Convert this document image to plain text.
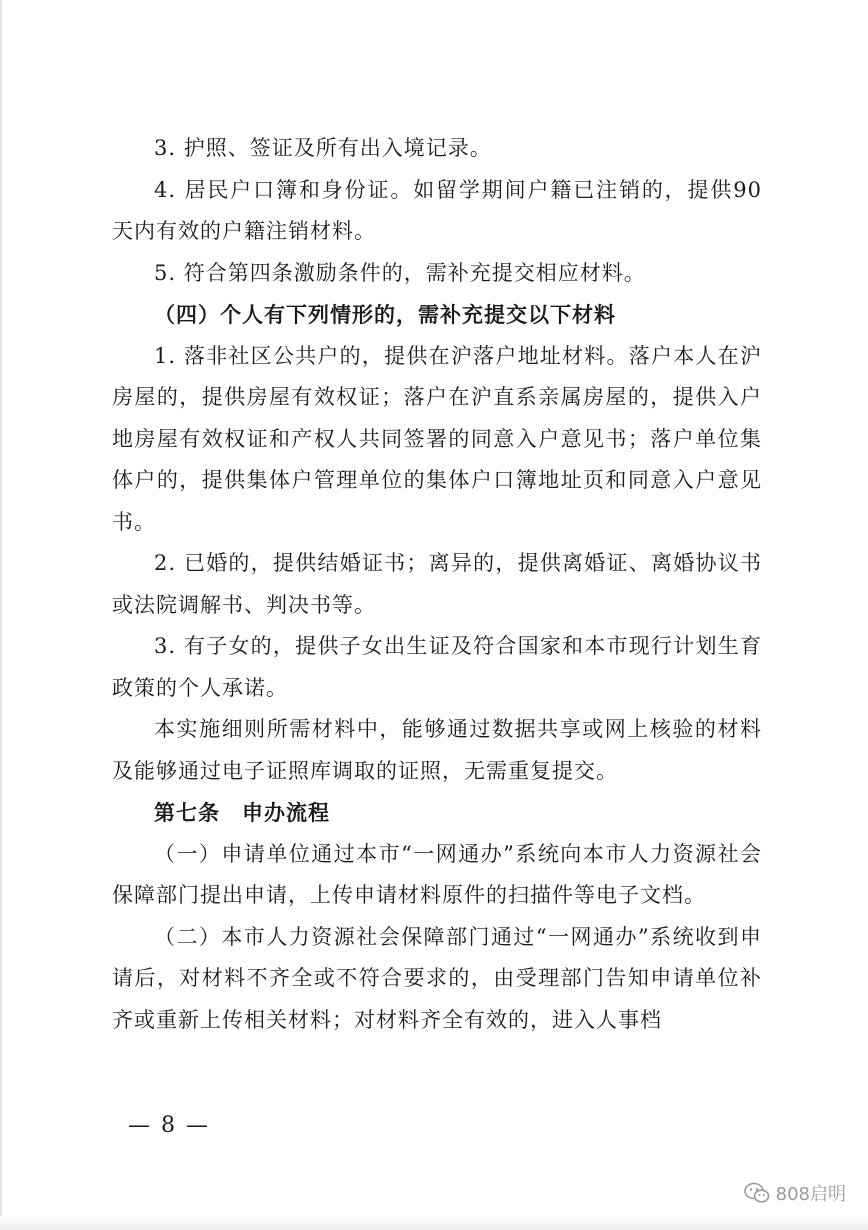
3. 护照、签证及所有出入境记录。

4. 居民户口簿和身份证。如留学期间户籍已注销的，提供90天内有效的户籍注销材料。

5. 符合第四条激励条件的，需补充提交相应材料。

（四）个人有下列情形的，需补充提交以下材料

1. 落非社区公共户的，提供在沪落户地址材料。落户本人在沪房屋的，提供房屋有效权证；落户在沪直系亲属房屋的，提供入户地房屋有效权证和产权人共同签署的同意入户意见书；落户单位集体户的，提供集体户管理单位的集体户口簿地址页和同意入户意见书。

2. 已婚的，提供结婚证书；离异的，提供离婚证、离婚协议书或法院调解书、判决书等。

3. 有子女的，提供子女出生证及符合国家和本市现行计划生育政策的个人承诺。

本实施细则所需材料中，能够通过数据共享或网上核验的材料及能够通过电子证照库调取的证照，无需重复提交。

第七条　申办流程

（一）申请单位通过本市“一网通办”系统向本市人力资源社会保障部门提出申请，上传申请材料原件的扫描件等电子文档。

（二）本市人力资源社会保障部门通过“一网通办”系统收到申请后，对材料不齐全或不符合要求的，由受理部门告知申请单位补齐或重新上传相关材料；对材料齐全有效的，进入人事档

— 8 —
808启明
